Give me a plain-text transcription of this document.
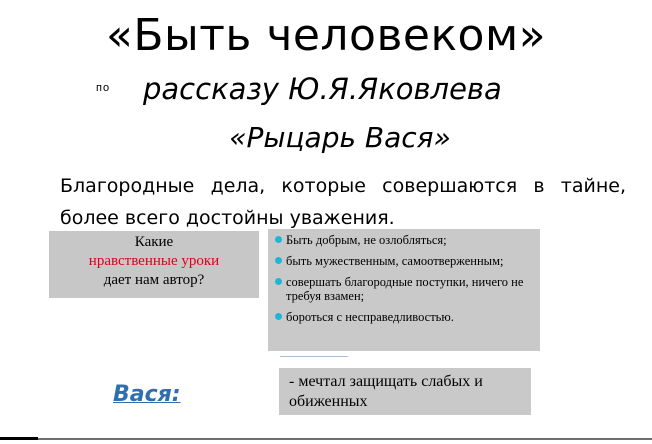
«Быть человеком»
по рассказу Ю.Я.Яковлева
«Рыцарь Вася»
Благородные дела, которые совершаются в тайне, более всего достойны уважения.
Какие
нравственные уроки
дает нам автор?
Быть добрым, не озлобляться;
быть мужественным, самоотверженным;
совершать благородные поступки, ничего не требуя взамен;
бороться с несправедливостью.
Вася:
- мечтал защищать слабых и обиженных
